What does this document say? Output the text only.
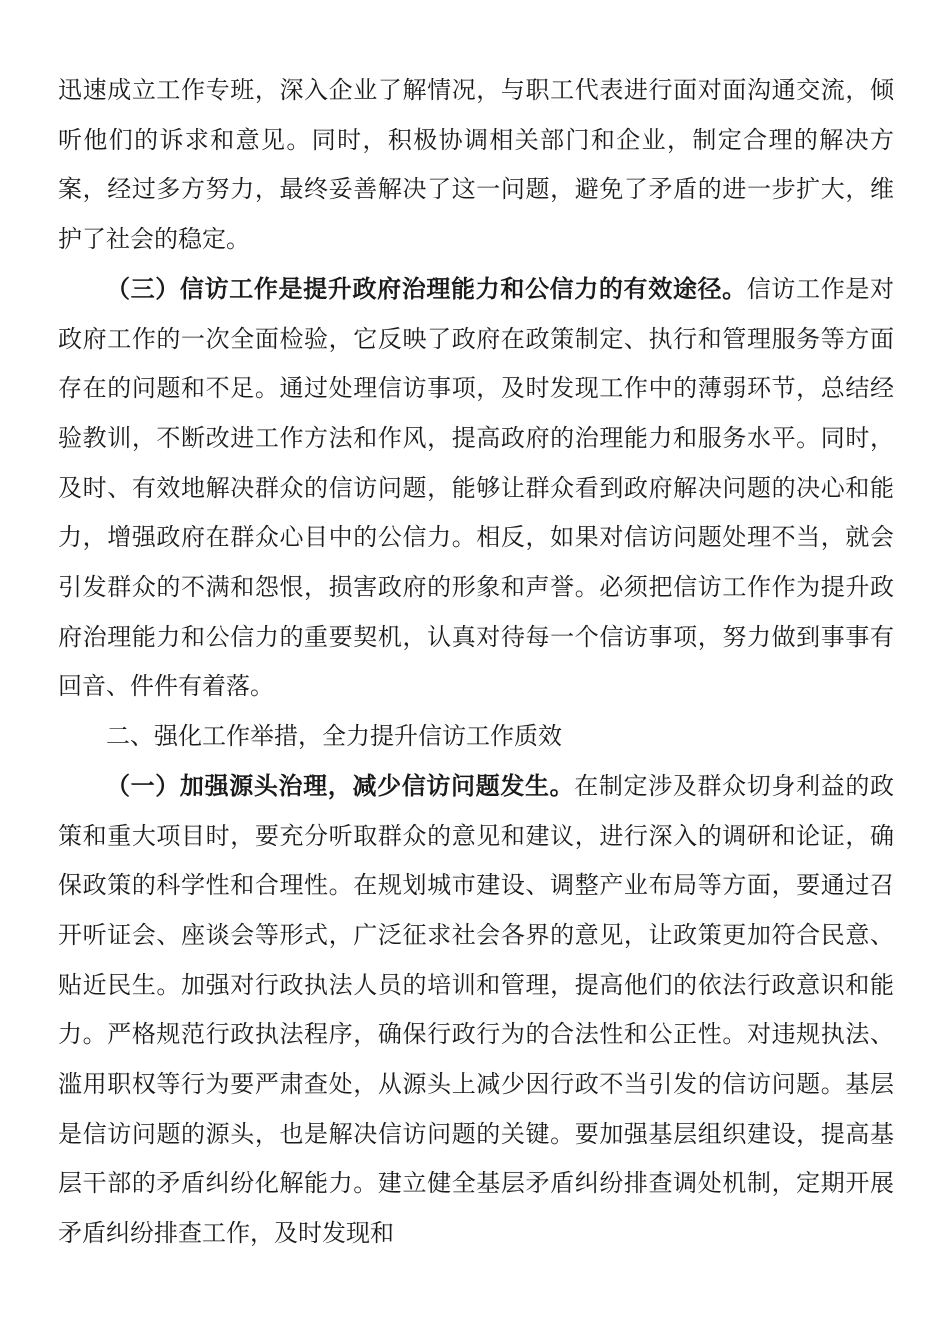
迅速成立工作专班，深入企业了解情况，与职工代表进行面对面沟通交流，倾听他们的诉求和意见。同时，积极协调相关部门和企业，制定合理的解决方案，经过多方努力，最终妥善解决了这一问题，避免了矛盾的进一步扩大，维护了社会的稳定。

（三）信访工作是提升政府治理能力和公信力的有效途径。信访工作是对政府工作的一次全面检验，它反映了政府在政策制定、执行和管理服务等方面存在的问题和不足。通过处理信访事项，及时发现工作中的薄弱环节，总结经验教训，不断改进工作方法和作风，提高政府的治理能力和服务水平。同时，及时、有效地解决群众的信访问题，能够让群众看到政府解决问题的决心和能力，增强政府在群众心目中的公信力。相反，如果对信访问题处理不当，就会引发群众的不满和怨恨，损害政府的形象和声誉。必须把信访工作作为提升政府治理能力和公信力的重要契机，认真对待每一个信访事项，努力做到事事有回音、件件有着落。

二、强化工作举措，全力提升信访工作质效

（一）加强源头治理，减少信访问题发生。在制定涉及群众切身利益的政策和重大项目时，要充分听取群众的意见和建议，进行深入的调研和论证，确保政策的科学性和合理性。在规划城市建设、调整产业布局等方面，要通过召开听证会、座谈会等形式，广泛征求社会各界的意见，让政策更加符合民意、贴近民生。加强对行政执法人员的培训和管理，提高他们的依法行政意识和能力。严格规范行政执法程序，确保行政行为的合法性和公正性。对违规执法、滥用职权等行为要严肃查处，从源头上减少因行政不当引发的信访问题。基层是信访问题的源头，也是解决信访问题的关键。要加强基层组织建设，提高基层干部的矛盾纠纷化解能力。建立健全基层矛盾纠纷排查调处机制，定期开展矛盾纠纷排查工作，及时发现和
